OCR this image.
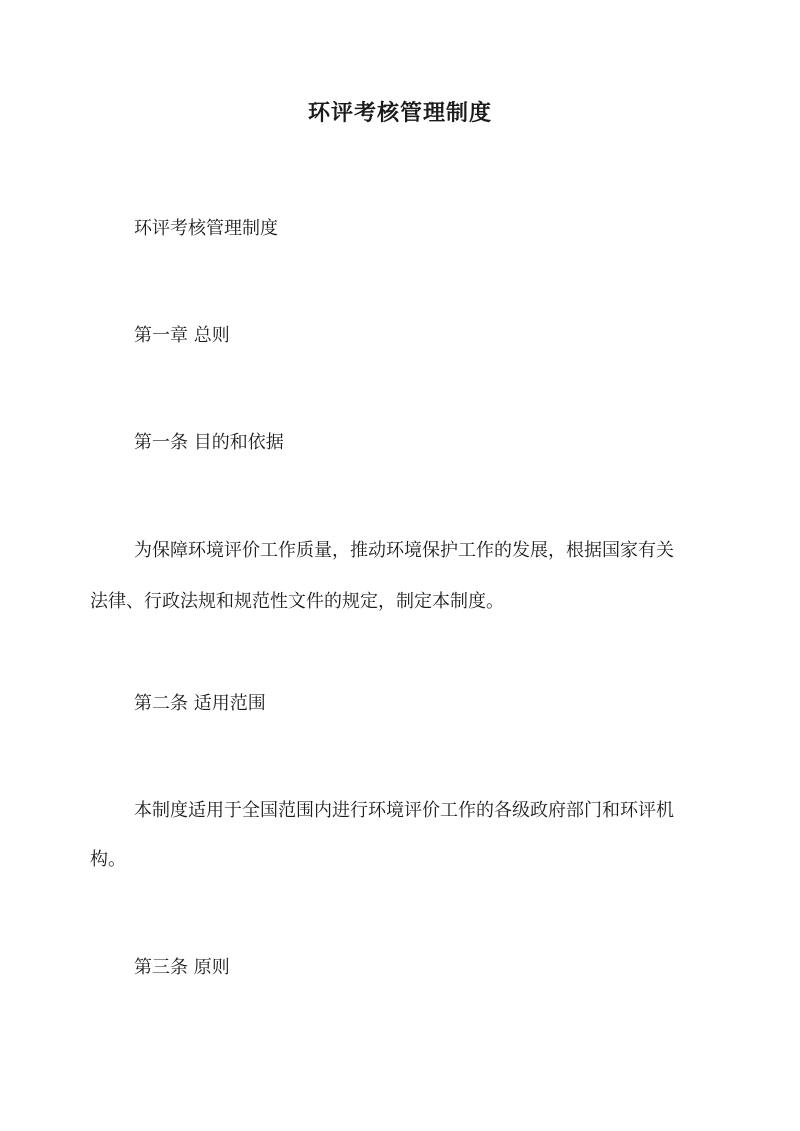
环评考核管理制度
环评考核管理制度
第一章 总则
第一条 目的和依据
为保障环境评价工作质量，推动环境保护工作的发展，根据国家有关
法律、行政法规和规范性文件的规定，制定本制度。
第二条 适用范围
本制度适用于全国范围内进行环境评价工作的各级政府部门和环评机
构。
第三条 原则
